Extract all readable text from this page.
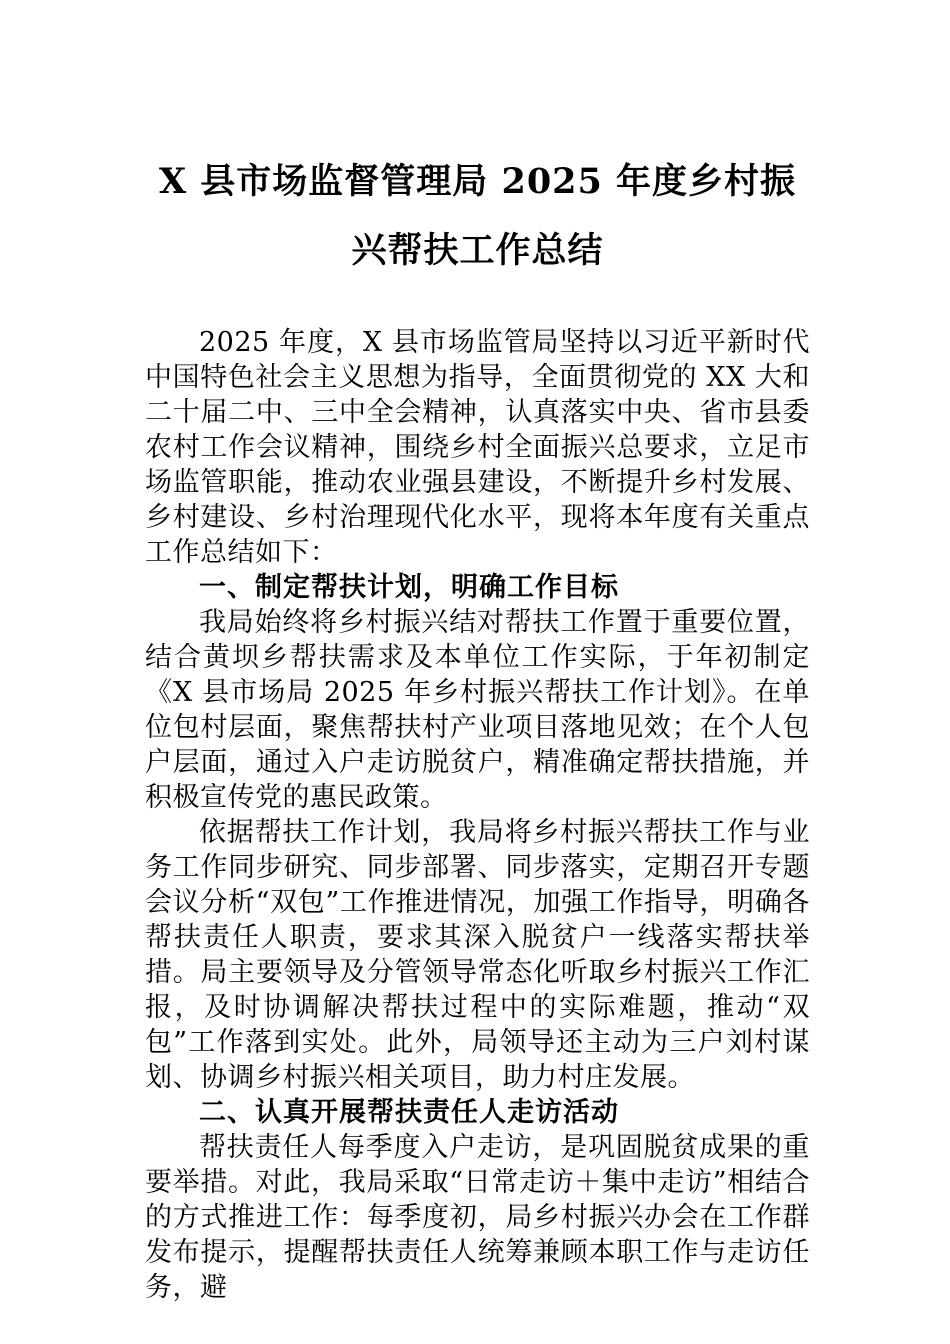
X 县市场监督管理局 2025 年度乡村振兴帮扶工作总结

2025 年度，X 县市场监管局坚持以习近平新时代中国特色社会主义思想为指导，全面贯彻党的 XX 大和二十届二中、三中全会精神，认真落实中央、省市县委农村工作会议精神，围绕乡村全面振兴总要求，立足市场监管职能，推动农业强县建设，不断提升乡村发展、乡村建设、乡村治理现代化水平，现将本年度有关重点工作总结如下：

一、制定帮扶计划，明确工作目标

我局始终将乡村振兴结对帮扶工作置于重要位置，结合黄坝乡帮扶需求及本单位工作实际，于年初制定《X 县市场局 2025 年乡村振兴帮扶工作计划》。在单位包村层面，聚焦帮扶村产业项目落地见效；在个人包户层面，通过入户走访脱贫户，精准确定帮扶措施，并积极宣传党的惠民政策。

依据帮扶工作计划，我局将乡村振兴帮扶工作与业务工作同步研究、同步部署、同步落实，定期召开专题会议分析“双包”工作推进情况，加强工作指导，明确各帮扶责任人职责，要求其深入脱贫户一线落实帮扶举措。局主要领导及分管领导常态化听取乡村振兴工作汇报，及时协调解决帮扶过程中的实际难题，推动“双包”工作落到实处。此外，局领导还主动为三户刘村谋划、协调乡村振兴相关项目，助力村庄发展。

二、认真开展帮扶责任人走访活动

帮扶责任人每季度入户走访，是巩固脱贫成果的重要举措。对此，我局采取“日常走访＋集中走访”相结合的方式推进工作：每季度初，局乡村振兴办会在工作群发布提示，提醒帮扶责任人统筹兼顾本职工作与走访任务，避
